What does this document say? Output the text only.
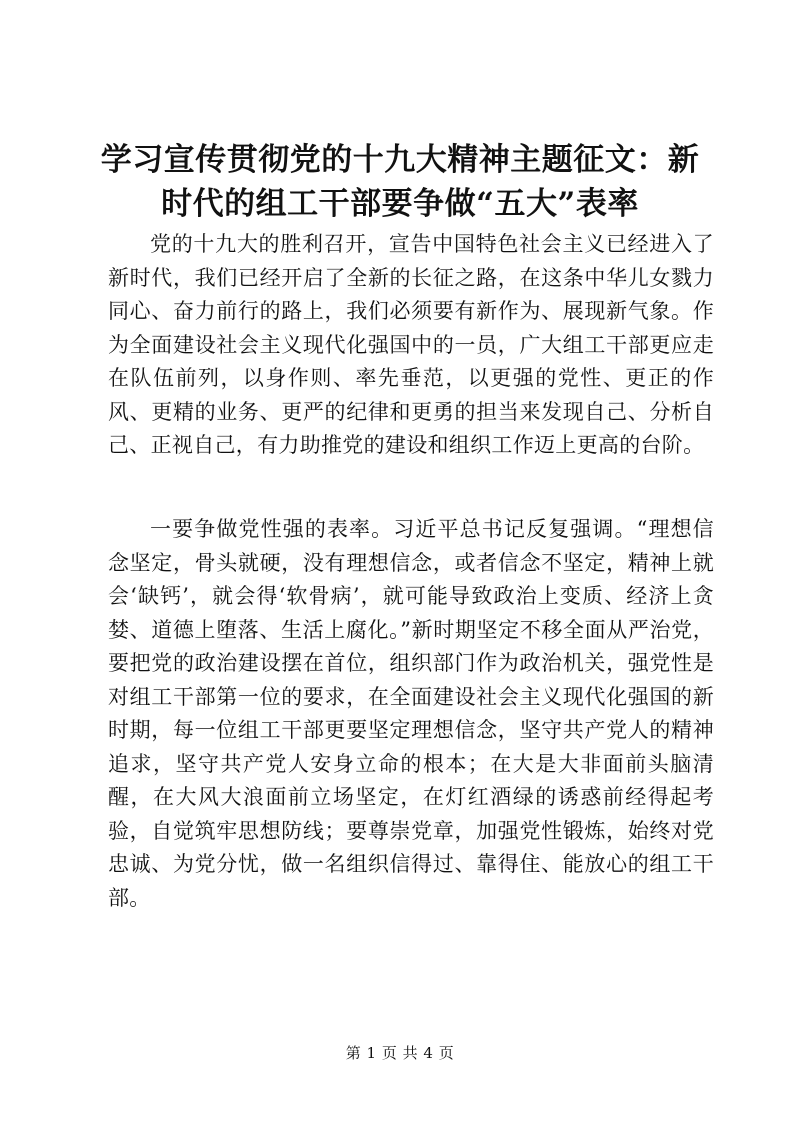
学习宣传贯彻党的十九大精神主题征文：新时代的组工干部要争做“五大”表率

党的十九大的胜利召开，宣告中国特色社会主义已经进入了新时代，我们已经开启了全新的长征之路，在这条中华儿女戮力同心、奋力前行的路上，我们必须要有新作为、展现新气象。作为全面建设社会主义现代化强国中的一员，广大组工干部更应走在队伍前列，以身作则、率先垂范，以更强的党性、更正的作风、更精的业务、更严的纪律和更勇的担当来发现自己、分析自己、正视自己，有力助推党的建设和组织工作迈上更高的台阶。

一要争做党性强的表率。习近平总书记反复强调。“理想信念坚定，骨头就硬，没有理想信念，或者信念不坚定，精神上就会‘缺钙’，就会得‘软骨病’，就可能导致政治上变质、经济上贪婪、道德上堕落、生活上腐化。”新时期坚定不移全面从严治党，要把党的政治建设摆在首位，组织部门作为政治机关，强党性是对组工干部第一位的要求，在全面建设社会主义现代化强国的新时期，每一位组工干部更要坚定理想信念，坚守共产党人的精神追求，坚守共产党人安身立命的根本；在大是大非面前头脑清醒，在大风大浪面前立场坚定，在灯红酒绿的诱惑前经得起考验，自觉筑牢思想防线；要尊崇党章，加强党性锻炼，始终对党忠诚、为党分忧，做一名组织信得过、靠得住、能放心的组工干部。

第 1 页 共 4 页
